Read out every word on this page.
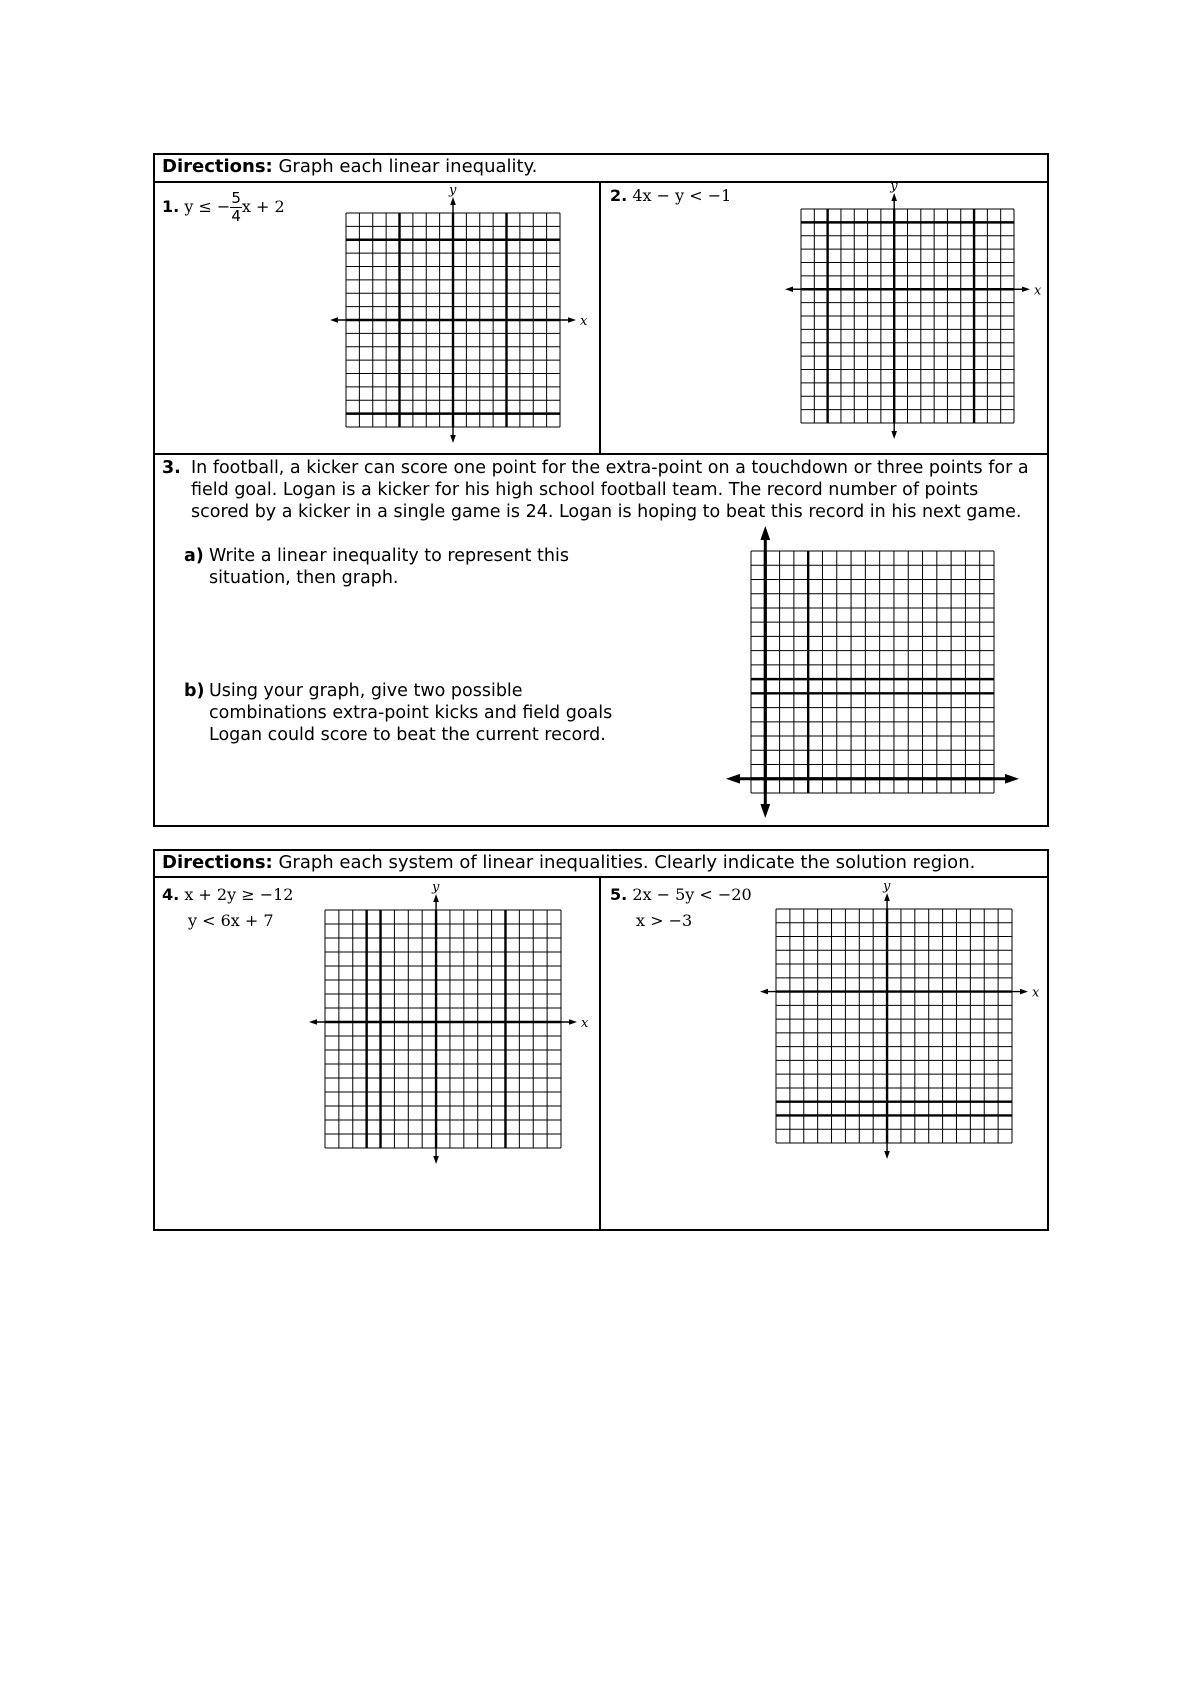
Directions: Graph each linear inequality.
1. y ≤ − $\frac{5}{4}$ x + 2
x
y	2. 4x − y < −1
x
y
3. In football, a kicker can score one point for the extra-point on a touchdown or three points for a field goal. Logan is a kicker for his high school football team. The record number of points scored by a kicker in a single game is 24. Logan is hoping to beat this record in his next game.
a) Write a linear inequality to represent this situation, then graph.
b) Using your graph, give two possible combinations extra-point kicks and field goals Logan could score to beat the current record.
Directions: Graph each system of linear inequalities. Clearly indicate the solution region.
4. x + 2y ≥ −12
y < 6x + 7
x
y	5. 2x − 5y < −20
x > −3
x
y
